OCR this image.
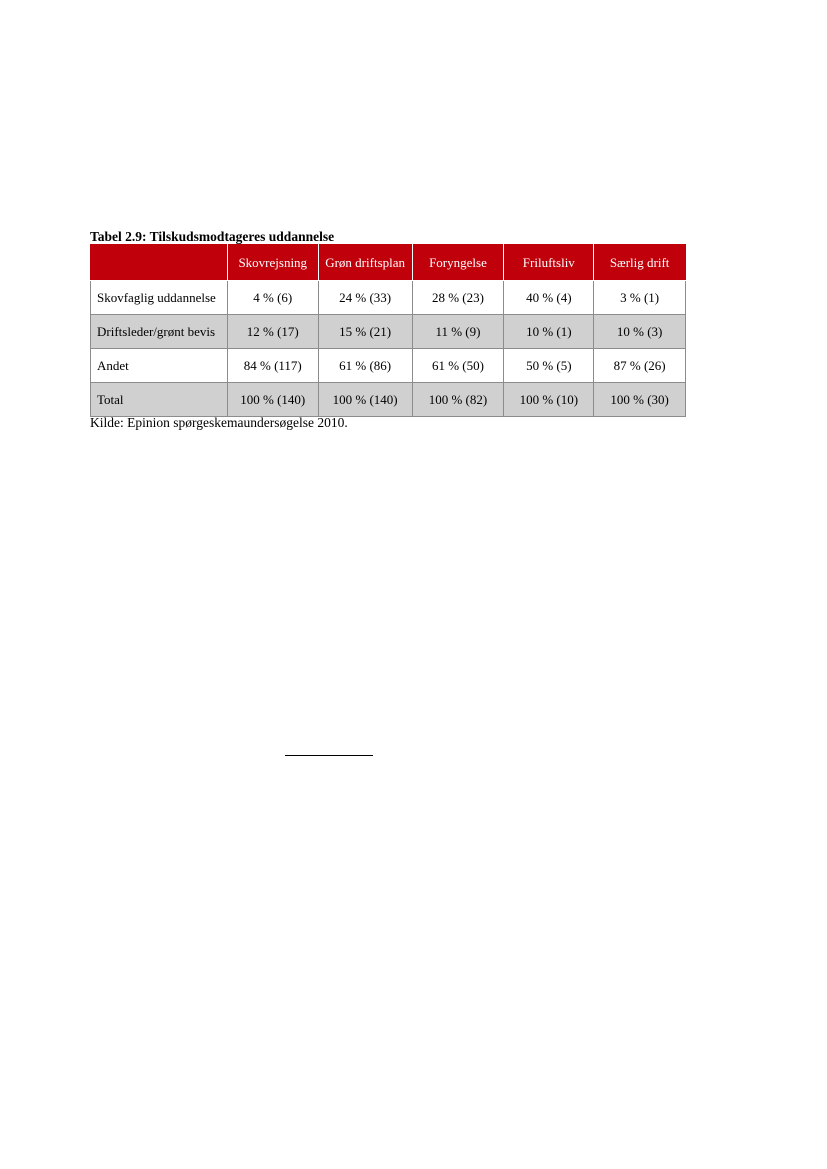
Tabel 2.9: Tilskudsmodtageres uddannelse

	Skovrejsning	Grøn driftsplan	Foryngelse	Friluftsliv	Særlig drift
Skovfaglig uddannelse	4 % (6)	24 % (33)	28 % (23)	40 % (4)	3 % (1)
Driftsleder/grønt bevis	12 % (17)	15 % (21)	11 % (9)	10 % (1)	10 % (3)
Andet	84 % (117)	61 % (86)	61 % (50)	50 % (5)	87 % (26)
Total	100 % (140)	100 % (140)	100 % (82)	100 % (10)	100 % (30)

Kilde: Epinion spørgeskemaundersøgelse 2010.
